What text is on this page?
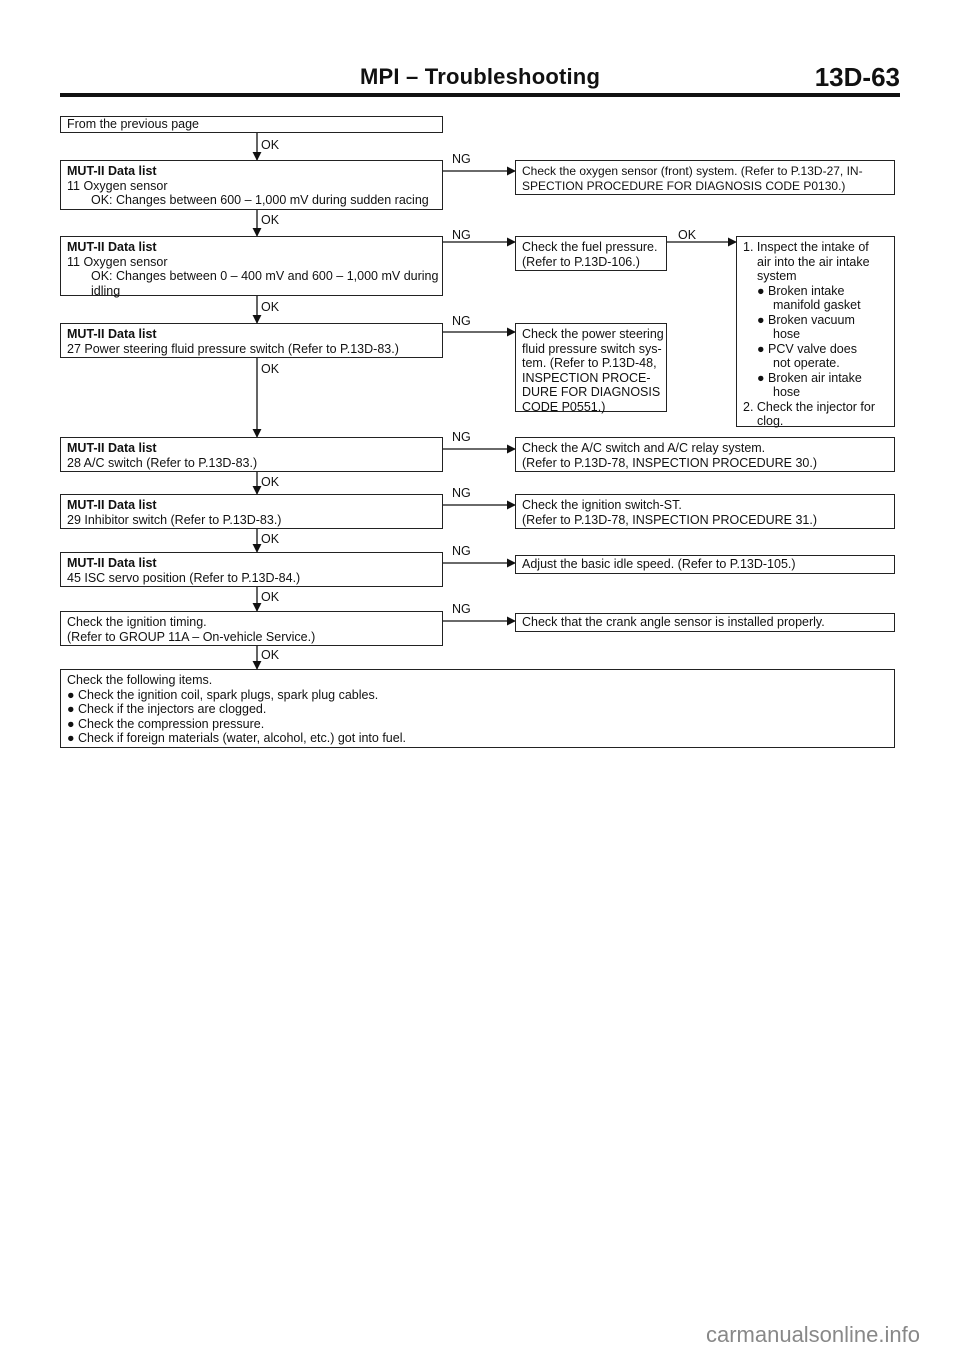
MPI – Troubleshooting	13D-63
OK
OK
OK
OK
OK
OK
OK
OK
OK
NG
NG
NG
NG
NG
NG
NG
From the previous page
MUT-II Data list
11 Oxygen sensor
OK: Changes between 600 – 1,000 mV during sudden racing
MUT-II Data list
11 Oxygen sensor
OK: Changes between 0 – 400 mV and 600 – 1,000 mV during
idling
MUT-II Data list
27 Power steering fluid pressure switch (Refer to P.13D-83.)
MUT-II Data list
28 A/C switch (Refer to P.13D-83.)
MUT-II Data list
29 Inhibitor switch (Refer to P.13D-83.)
MUT-II Data list
45 ISC servo position (Refer to P.13D-84.)
Check the ignition timing.
(Refer to GROUP 11A – On-vehicle Service.)
Check the oxygen sensor (front) system. (Refer to P.13D-27, IN-
SPECTION PROCEDURE FOR DIAGNOSIS CODE P0130.)
Check the fuel pressure.
(Refer to P.13D-106.)
Check the power steering
fluid pressure switch sys-
tem. (Refer to P.13D-48,
INSPECTION PROCE-
DURE FOR DIAGNOSIS
CODE P0551.)
1. Inspect the intake of
air into the air intake
system
● Broken intake
manifold gasket
● Broken vacuum
hose
● PCV valve does
not operate.
● Broken air intake
hose
2. Check the injector for
clog.
Check the A/C switch and A/C relay system.
(Refer to P.13D-78, INSPECTION PROCEDURE 30.)
Check the ignition switch-ST.
(Refer to P.13D-78, INSPECTION PROCEDURE 31.)
Adjust the basic idle speed. (Refer to P.13D-105.)
Check that the crank angle sensor is installed properly.
Check the following items.
● Check the ignition coil, spark plugs, spark plug cables.
● Check if the injectors are clogged.
● Check the compression pressure.
● Check if foreign materials (water, alcohol, etc.) got into fuel.
carmanualsonline.info
